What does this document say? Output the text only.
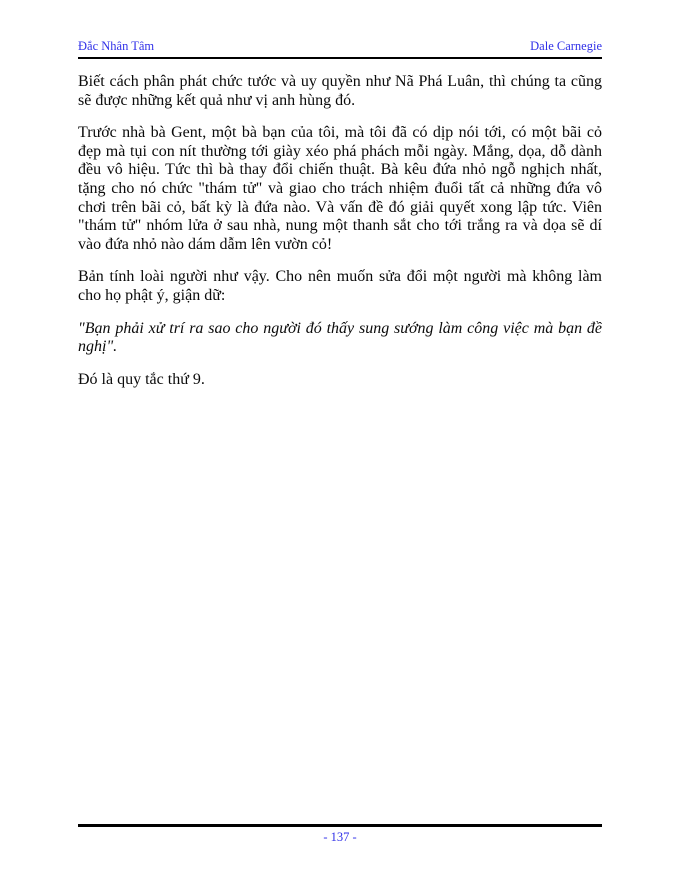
Đắc Nhân Tâm	Dale Carnegie

Biết cách phân phát chức tước và uy quyền như Nã Phá Luân, thì chúng ta cũng sẽ được những kết quả như vị anh hùng đó.

Trước nhà bà Gent, một bà bạn của tôi, mà tôi đã có dịp nói tới, có một bãi cỏ đẹp mà tụi con nít thường tới giày xéo phá phách mỗi ngày. Mắng, dọa, dỗ dành đều vô hiệu. Tức thì bà thay đổi chiến thuật. Bà kêu đứa nhỏ ngỗ nghịch nhất, tặng cho nó chức "thám tử" và giao cho trách nhiệm đuổi tất cả những đứa vô chơi trên bãi cỏ, bất kỳ là đứa nào. Và vấn đề đó giải quyết xong lập tức. Viên "thám tử" nhóm lửa ở sau nhà, nung một thanh sắt cho tới trắng ra và dọa sẽ dí vào đứa nhỏ nào dám dẫm lên vườn cỏ!

Bản tính loài người như vậy. Cho nên muốn sửa đổi một người mà không làm cho họ phật ý, giận dữ:

"Bạn phải xử trí ra sao cho người đó thấy sung sướng làm công việc mà bạn đề nghị".

Đó là quy tắc thứ 9.

- 137 -
